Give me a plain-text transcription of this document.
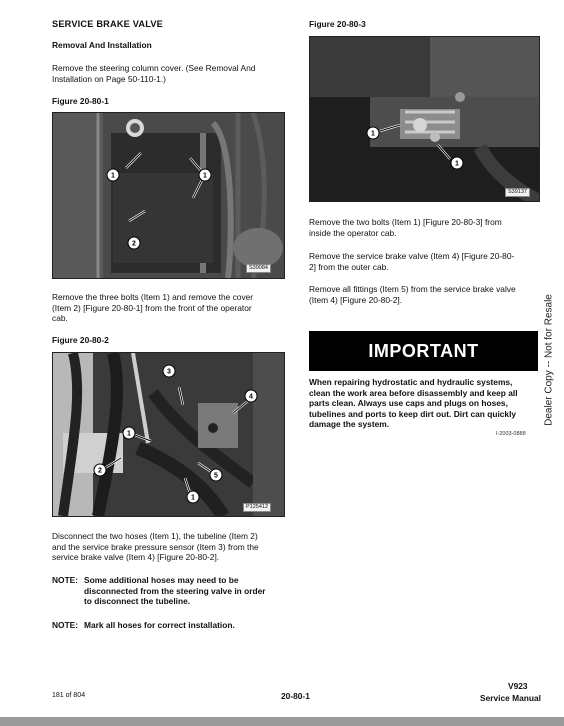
SERVICE BRAKE VALVE
Removal And Installation
Remove the steering column cover. (See Removal And
Installation on Page 50-110-1.)
Figure 20-80-1
1	1
2
S39084
Remove the three bolts (Item 1) and remove the cover
(Item 2) [Figure 20-80-1] from the front of the operator
cab.
Figure 20-80-2
3
4
1
2
5
1
P125412
Disconnect the two hoses (Item 1), the tubeline (Item 2)
and the service brake pressure sensor (Item 3) from the
service brake valve (Item 4) [Figure 20-80-2].
NOTE: Some additional hoses may need to be
disconnected from the steering valve in order
to disconnect the tubeline.
NOTE: Mark all hoses for correct installation.
Figure 20-80-3
1
1
S39137
Remove the two bolts (Item 1) [Figure 20-80-3] from
inside the operator cab.
Remove the service brake valve (Item 4) [Figure 20-80-
2] from the outer cab.
Remove all fittings (Item 5) from the service brake valve
(Item 4) [Figure 20-80-2].
IMPORTANT
When repairing hydrostatic and hydraulic systems,
clean the work area before disassembly and keep all
parts clean. Always use caps and plugs on hoses,
tubelines and ports to keep dirt out. Dirt can quickly
damage the system.
I-2003-0888
Dealer Copy -- Not for Resale
181 of 804	20-80-1
V923
Service Manual
